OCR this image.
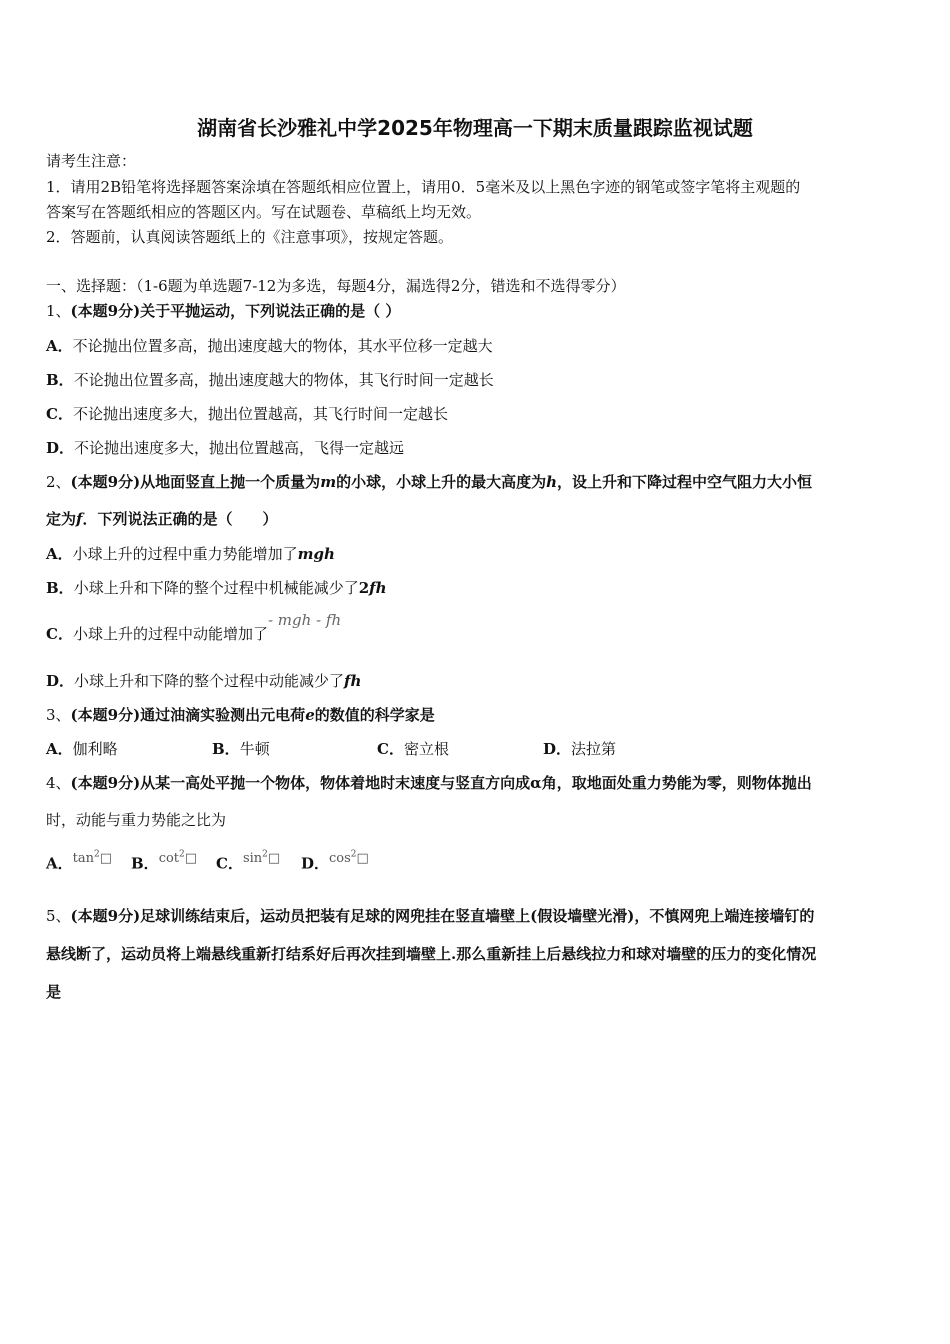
湖南省长沙雅礼中学2025年物理高一下期末质量跟踪监视试题
请考生注意：
1．请用2B铅笔将选择题答案涂填在答题纸相应位置上，请用0．5毫米及以上黑色字迹的钢笔或签字笔将主观题的
答案写在答题纸相应的答题区内。写在试题卷、草稿纸上均无效。
2．答题前，认真阅读答题纸上的《注意事项》，按规定答题。
一、选择题：（1-6题为单选题7-12为多选，每题4分，漏选得2分，错选和不选得零分）
1、(本题9分)关于平抛运动，下列说法正确的是（ ）
A．不论抛出位置多高，抛出速度越大的物体，其水平位移一定越大
B．不论抛出位置多高，抛出速度越大的物体，其飞行时间一定越长
C．不论抛出速度多大，抛出位置越高，其飞行时间一定越长
D．不论抛出速度多大，抛出位置越高，飞得一定越远
2、(本题9分)从地面竖直上抛一个质量为m的小球，小球上升的最大高度为h，设上升和下降过程中空气阻力大小恒
定为f．下列说法正确的是（　　）
A．小球上升的过程中重力势能增加了mgh
B．小球上升和下降的整个过程中机械能减少了2fh
C．小球上升的过程中动能增加了- mgh - fh
D．小球上升和下降的整个过程中动能减少了fh
3、(本题9分)通过油滴实验测出元电荷e的数值的科学家是
A．伽利略	B．牛顿	C．密立根	D．法拉第
4、(本题9分)从某一高处平抛一个物体，物体着地时末速度与竖直方向成α角，取地面处重力势能为零，则物体抛出
时，动能与重力势能之比为
A．$\tan^2□$ B．$\cot^2□$ C．$\sin^2□$ D．$\cos^2□$
5、(本题9分)足球训练结束后，运动员把装有足球的网兜挂在竖直墙壁上(假设墙壁光滑)，不慎网兜上端连接墙钉的
悬线断了，运动员将上端悬线重新打结系好后再次挂到墙壁上.那么重新挂上后悬线拉力和球对墙壁的压力的变化情况
是
